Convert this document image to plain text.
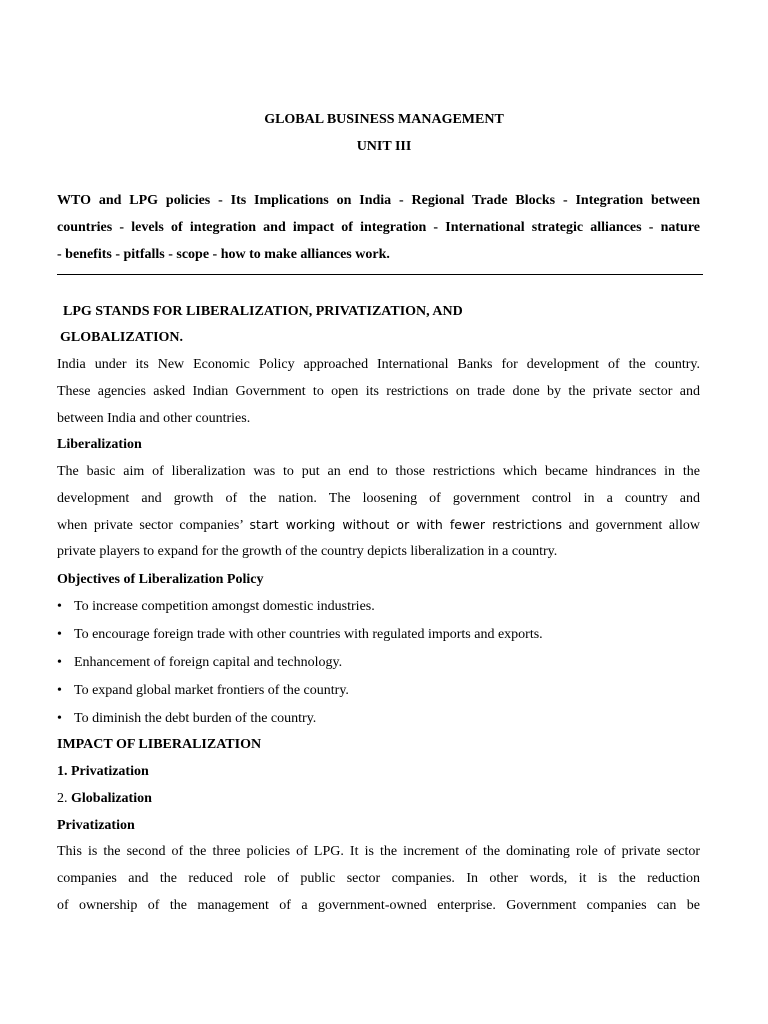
GLOBAL BUSINESS MANAGEMENT
UNIT III
WTO and LPG policies - Its Implications on India - Regional Trade Blocks - Integration between
countries - levels of integration and impact of integration - International strategic alliances - nature
- benefits - pitfalls - scope - how to make alliances work.
LPG STANDS FOR LIBERALIZATION, PRIVATIZATION, AND
GLOBALIZATION.
India under its New Economic Policy approached International Banks for development of the country.
These agencies asked Indian Government to open its restrictions on trade done by the private sector and
between India and other countries.
Liberalization
The basic aim of liberalization was to put an end to those restrictions which became hindrances in the
development and growth of the nation. The loosening of government control in a country and
when private sector companies’ start working without or with fewer restrictions and government allow
private players to expand for the growth of the country depicts liberalization in a country.
Objectives of Liberalization Policy
• To increase competition amongst domestic industries.
• To encourage foreign trade with other countries with regulated imports and exports.
• Enhancement of foreign capital and technology.
• To expand global market frontiers of the country.
• To diminish the debt burden of the country.
IMPACT OF LIBERALIZATION
1. Privatization
2. Globalization
Privatization
This is the second of the three policies of LPG. It is the increment of the dominating role of private sector
companies and the reduced role of public sector companies. In other words, it is the reduction
of ownership of the management of a government-owned enterprise. Government companies can be
